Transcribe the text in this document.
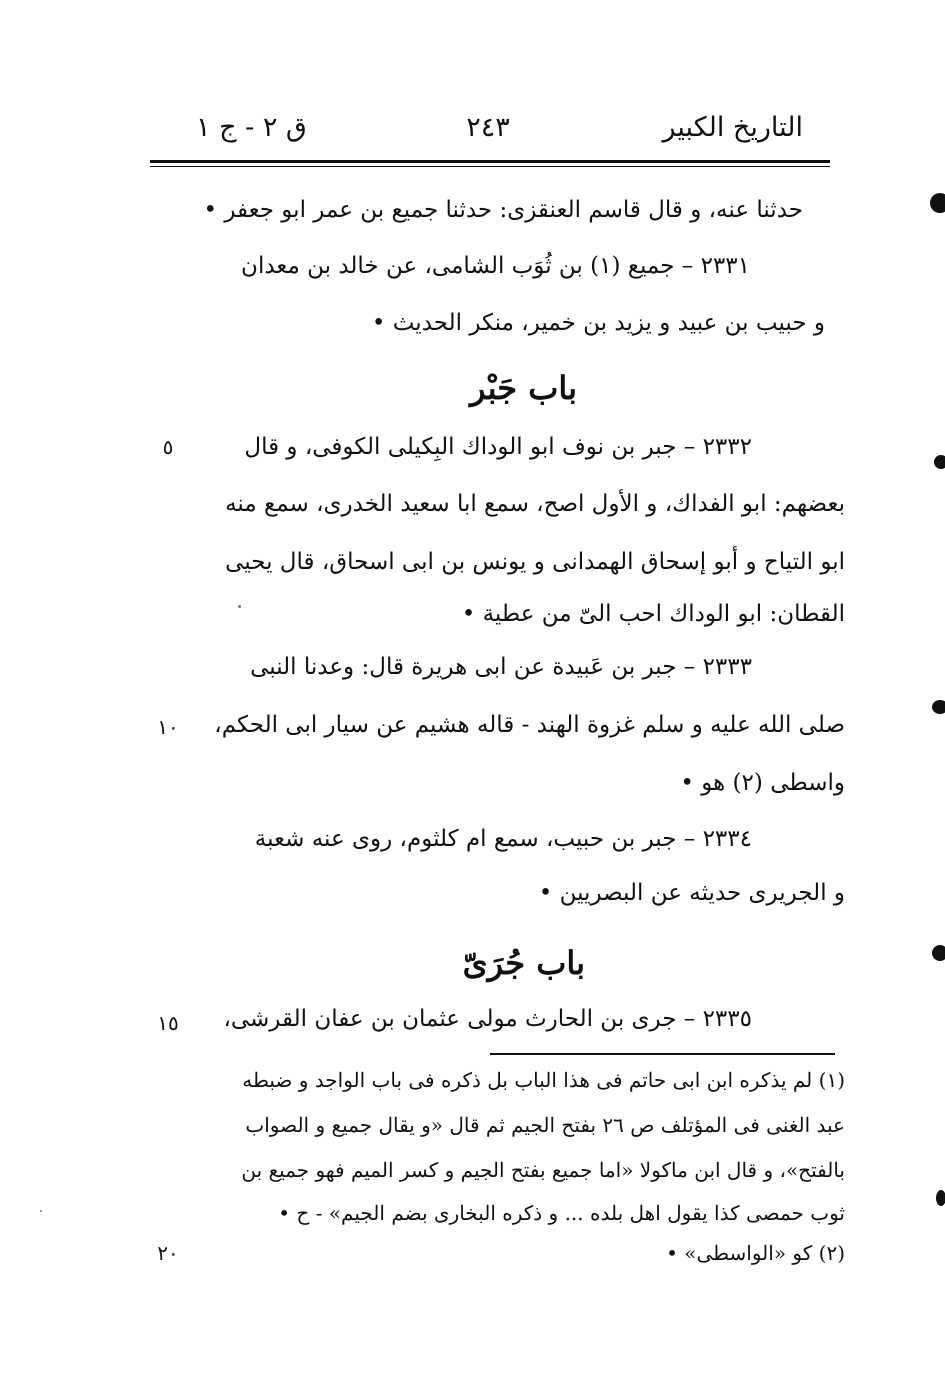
التاريخ الكبير
٢٤٣
ق ٢ - ج ١
حدثنا عنه، و قال قاسم العنقزى: حدثنا جميع بن عمر ابو جعفر •
٢٣٣١ – جميع (١) بن ثُوَب الشامى، عن خالد بن معدان
و حبيب بن عبيد و يزيد بن خمير، منكر الحديث •
باب جَبْر
٢٣٣٢ – جبر بن نوف ابو الوداك البِكيلى الكوفى، و قال
٥
بعضهم: ابو الفداك، و الأول اصح، سمع ابا سعيد الخدرى، سمع منه
ابو التياح و أبو إسحاق الهمدانى و يونس بن ابى اسحاق، قال يحيى
القطان: ابو الوداك احب الىّ من عطية •
٢٣٣٣ – جبر بن عَبيدة عن ابى هريرة قال: وعدنا النبى
صلى الله عليه و سلم غزوة الهند - قاله هشيم عن سيار ابى الحكم،
١٠
واسطى (٢) هو •
٢٣٣٤ – جبر بن حبيب، سمع ام كلثوم، روى عنه شعبة
و الجريرى حديثه عن البصريين •
باب جُرَىّ
٢٣٣٥ – جرى بن الحارث مولى عثمان بن عفان القرشى،
١٥
(١) لم يذكره ابن ابى حاتم فى هذا الباب بل ذكره فى باب الواجد و ضبطه
عبد الغنى فى المؤتلف ص ٢٦ بفتح الجيم ثم قال «و يقال جميع و الصواب
بالفتح»، و قال ابن ماكولا «اما جميع بفتح الجيم و كسر الميم فهو جميع بن
ثوب حمصى كذا يقول اهل بلده ... و ذكره البخارى بضم الجيم» - ح •
(٢) كو «الواسطى» •
٢٠
